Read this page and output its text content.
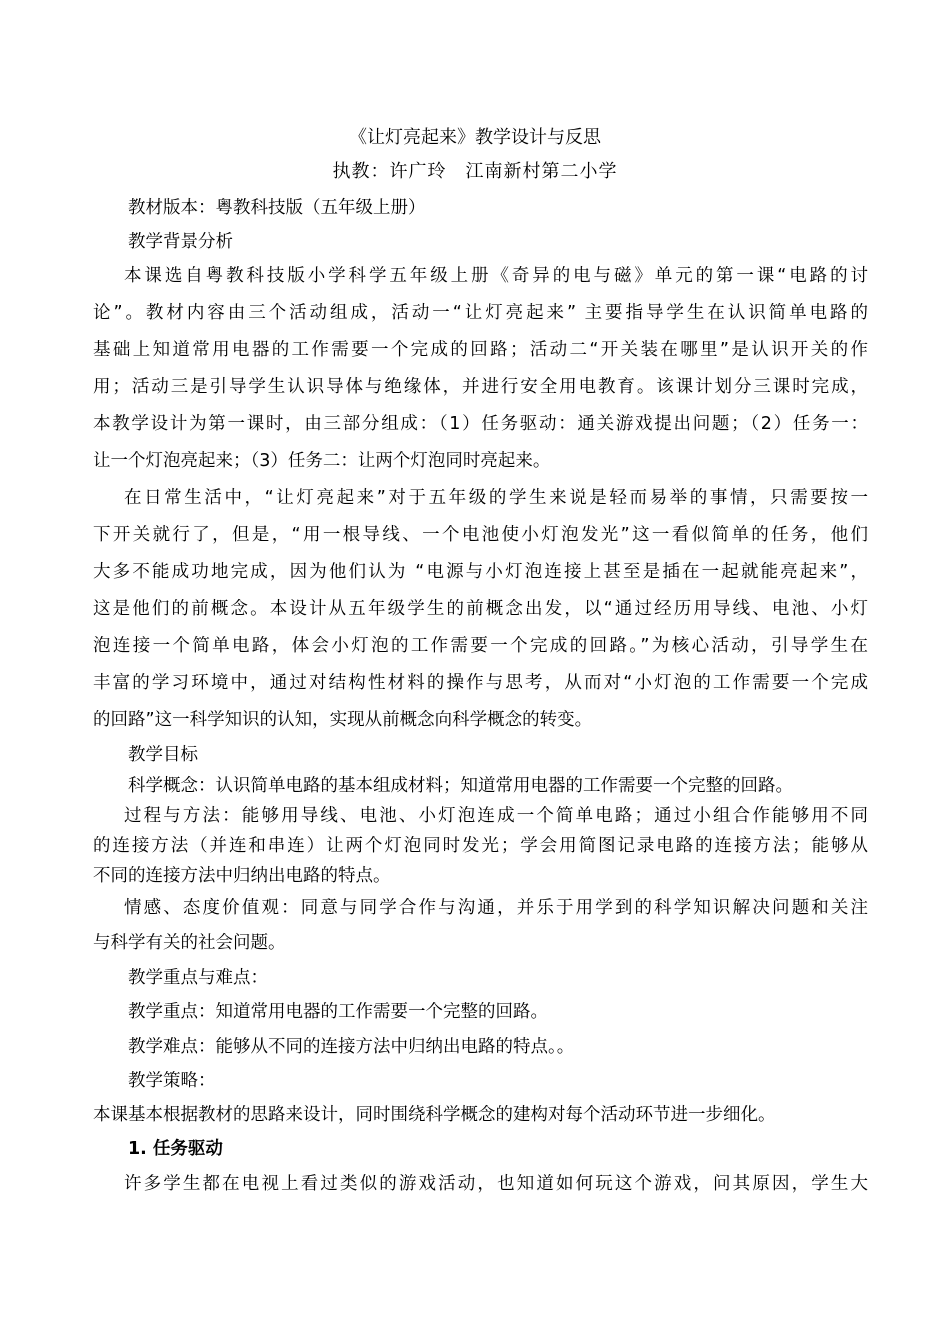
《让灯亮起来》教学设计与反思
执教：许广玲　江南新村第二小学
教材版本：粤教科技版（五年级上册）
教学背景分析
本课选自粤教科技版小学科学五年级上册《奇异的电与磁》单元的第一课“电路的讨
论”。教材内容由三个活动组成，活动一“让灯亮起来” 主要指导学生在认识简单电路的
基础上知道常用电器的工作需要一个完成的回路；活动二“开关装在哪里”是认识开关的作
用；活动三是引导学生认识导体与绝缘体，并进行安全用电教育。该课计划分三课时完成，
本教学设计为第一课时，由三部分组成：（1）任务驱动：通关游戏提出问题；（2）任务一：
让一个灯泡亮起来；（3）任务二：让两个灯泡同时亮起来。
在日常生活中，“让灯亮起来”对于五年级的学生来说是轻而易举的事情，只需要按一
下开关就行了，但是，“用一根导线、一个电池使小灯泡发光”这一看似简单的任务，他们
大多不能成功地完成，因为他们认为 “电源与小灯泡连接上甚至是插在一起就能亮起来”，
这是他们的前概念。本设计从五年级学生的前概念出发，以“通过经历用导线、电池、小灯
泡连接一个简单电路，体会小灯泡的工作需要一个完成的回路。”为核心活动，引导学生在
丰富的学习环境中，通过对结构性材料的操作与思考，从而对“小灯泡的工作需要一个完成
的回路”这一科学知识的认知，实现从前概念向科学概念的转变。
教学目标
科学概念：认识简单电路的基本组成材料；知道常用电器的工作需要一个完整的回路。
过程与方法：能够用导线、电池、小灯泡连成一个简单电路；通过小组合作能够用不同
的连接方法（并连和串连）让两个灯泡同时发光；学会用简图记录电路的连接方法；能够从
不同的连接方法中归纳出电路的特点。
情感、态度价值观：同意与同学合作与沟通，并乐于用学到的科学知识解决问题和关注
与科学有关的社会问题。
教学重点与难点：
教学重点：知道常用电器的工作需要一个完整的回路。
教学难点：能够从不同的连接方法中归纳出电路的特点。。
教学策略：
本课基本根据教材的思路来设计，同时围绕科学概念的建构对每个活动环节进一步细化。
1. 任务驱动
许多学生都在电视上看过类似的游戏活动，也知道如何玩这个游戏，问其原因，学生大
